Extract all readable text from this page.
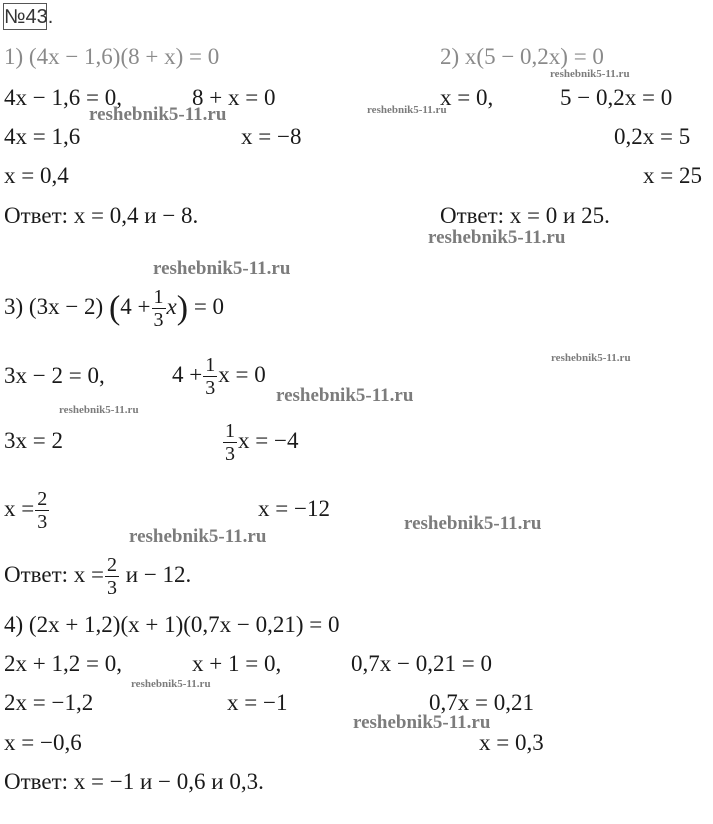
№43.
1) (4x − 1,6)(8 + x) = 0
4x − 1,6 = 0,	8 + x = 0
4x = 1,6	x = −8
x = 0,4
Ответ: x = 0,4 и − 8.
2) x(5 − 0,2x) = 0
x = 0,	5 − 0,2x = 0
0,2x = 5
x = 25
Ответ: x = 0 и 25.
3) (3x − 2) $(4 + \frac{1}{3} x) = 0$
3x − 2 = 0,	$4 + \frac{1}{3}$ x = 0
3x = 2	$\frac{1}{3}$ x = −4
$x = \frac{2}{3}$	x = −12
Ответ: $x = \frac{2}{3}$ и − 12.
4) (2x + 1,2)(x + 1)(0,7x − 0,21) = 0
2x + 1,2 = 0,	x + 1 = 0,	0,7x − 0,21 = 0
2x = −1,2	x = −1	0,7x = 0,21
x = −0,6	x = 0,3
Ответ: x = −1 и − 0,6 и 0,3.
reshebnik5-11.ru
reshebnik5-11.ru
reshebnik5-11.ru
reshebnik5-11.ru
reshebnik5-11.ru
reshebnik5-11.ru
reshebnik5-11.ru
reshebnik5-11.ru
reshebnik5-11.ru
reshebnik5-11.ru
reshebnik5-11.ru
reshebnik5-11.ru
